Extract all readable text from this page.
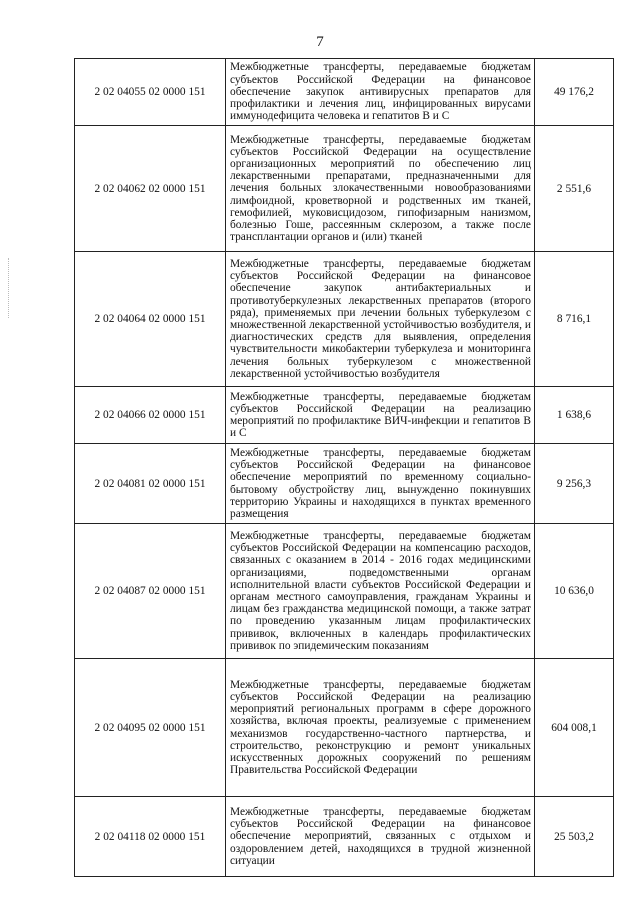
7
2 02 04055 02 0000 151	Межбюджетные трансферты, передаваемые бюджетам субъектов Российской Федерации на финансовое обеспечение закупок антивирусных препаратов для профилактики и лечения лиц, инфицированных вирусами иммунодефицита человека и гепатитов В и С	49 176,2
2 02 04062 02 0000 151	Межбюджетные трансферты, передаваемые бюджетам субъектов Российской Федерации на осуществление организационных мероприятий по обеспечению лиц лекарственными препаратами, предназначенными для лечения больных злокачественными новообразованиями лимфоидной, кроветворной и родственных им тканей, гемофилией, муковисцидозом, гипофизарным нанизмом, болезнью Гоше, рассеянным склерозом, а также после трансплантации органов и (или) тканей	2 551,6
2 02 04064 02 0000 151	Межбюджетные трансферты, передаваемые бюджетам субъектов Российской Федерации на финансовое обеспечение закупок антибактериальных и противотуберкулезных лекарственных препаратов (второго ряда), применяемых при лечении больных туберкулезом с множественной лекарственной устойчивостью возбудителя, и диагностических средств для выявления, определения чувствительности микобактерии туберкулеза и мониторинга лечения больных туберкулезом с множественной лекарственной устойчивостью возбудителя	8 716,1
2 02 04066 02 0000 151	Межбюджетные трансферты, передаваемые бюджетам субъектов Российской Федерации на реализацию мероприятий по профилактике ВИЧ-инфекции и гепатитов В и С	1 638,6
2 02 04081 02 0000 151	Межбюджетные трансферты, передаваемые бюджетам субъектов Российской Федерации на финансовое обеспечение мероприятий по временному социально-бытовому обустройству лиц, вынужденно покинувших территорию Украины и находящихся в пунктах временного размещения	9 256,3
2 02 04087 02 0000 151	Межбюджетные трансферты, передаваемые бюджетам субъектов Российской Федерации на компенсацию расходов, связанных с оказанием в 2014 - 2016 годах медицинскими организациями, подведомственными органам исполнительной власти субъектов Российской Федерации и органам местного самоуправления, гражданам Украины и лицам без гражданства медицинской помощи, а также затрат по проведению указанным лицам профилактических прививок, включенных в календарь профилактических прививок по эпидемическим показаниям	10 636,0
2 02 04095 02 0000 151	Межбюджетные трансферты, передаваемые бюджетам субъектов Российской Федерации на реализацию мероприятий региональных программ в сфере дорожного хозяйства, включая проекты, реализуемые с применением механизмов государственно-частного партнерства, и строительство, реконструкцию и ремонт уникальных искусственных дорожных сооружений по решениям Правительства Российской Федерации	604 008,1
2 02 04118 02 0000 151	Межбюджетные трансферты, передаваемые бюджетам субъектов Российской Федерации на финансовое обеспечение мероприятий, связанных с отдыхом и оздоровлением детей, находящихся в трудной жизненной ситуации	25 503,2
